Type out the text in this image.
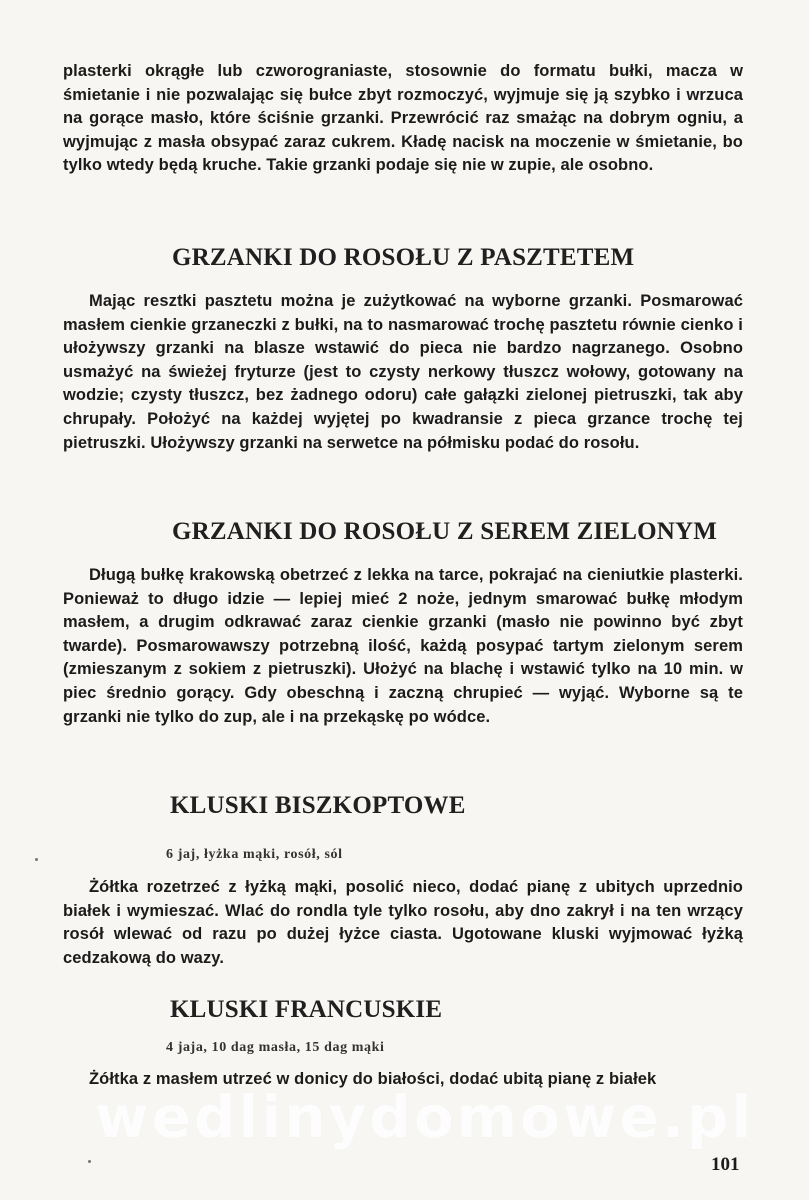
plasterki okrągłe lub czworograniaste, stosownie do formatu bułki, macza w śmietanie i nie pozwalając się bułce zbyt rozmoczyć, wyjmuje się ją szybko i wrzuca na gorące masło, które ściśnie grzanki. Przewrócić raz smażąc na dobrym ogniu, a wyjmując z masła obsypać zaraz cukrem. Kładę nacisk na moczenie w śmietanie, bo tylko wtedy będą kruche. Takie grzanki podaje się nie w zupie, ale osobno.

GRZANKI DO ROSOŁU Z PASZTETEM

Mając resztki pasztetu można je zużytkować na wyborne grzanki. Posmarować masłem cienkie grzaneczki z bułki, na to nasmarować trochę pasztetu równie cienko i ułożywszy grzanki na blasze wstawić do pieca nie bardzo nagrzanego. Osobno usmażyć na świeżej fryturze (jest to czysty nerkowy tłuszcz wołowy, gotowany na wodzie; czysty tłuszcz, bez żadnego odoru) całe gałązki zielonej pietruszki, tak aby chrupały. Położyć na każdej wyjętej po kwadransie z pieca grzance trochę tej pietruszki. Ułożywszy grzanki na serwetce na półmisku podać do rosołu.

GRZANKI DO ROSOŁU Z SEREM ZIELONYM

Długą bułkę krakowską obetrzeć z lekka na tarce, pokrajać na cieniutkie plasterki. Ponieważ to długo idzie — lepiej mieć 2 noże, jednym smarować bułkę młodym masłem, a drugim odkrawać zaraz cienkie grzanki (masło nie powinno być zbyt twarde). Posmarowawszy potrzebną ilość, każdą posypać tartym zielonym serem (zmieszanym z sokiem z pietruszki). Ułożyć na blachę i wstawić tylko na 10 min. w piec średnio gorący. Gdy obeschną i zaczną chrupieć — wyjąć. Wyborne są te grzanki nie tylko do zup, ale i na przekąskę po wódce.

KLUSKI BISZKOPTOWE

6 jaj, łyżka mąki, rosół, sól

Żółtka rozetrzeć z łyżką mąki, posolić nieco, dodać pianę z ubitych uprzednio białek i wymieszać. Wlać do rondla tyle tylko rosołu, aby dno zakrył i na ten wrzący rosół wlewać od razu po dużej łyżce ciasta. Ugotowane kluski wyjmować łyżką cedzakową do wazy.

KLUSKI FRANCUSKIE

4 jaja, 10 dag masła, 15 dag mąki

Żółtka z masłem utrzeć w donicy do białości, dodać ubitą pianę z białek

wedlinydomowe.pl

101
